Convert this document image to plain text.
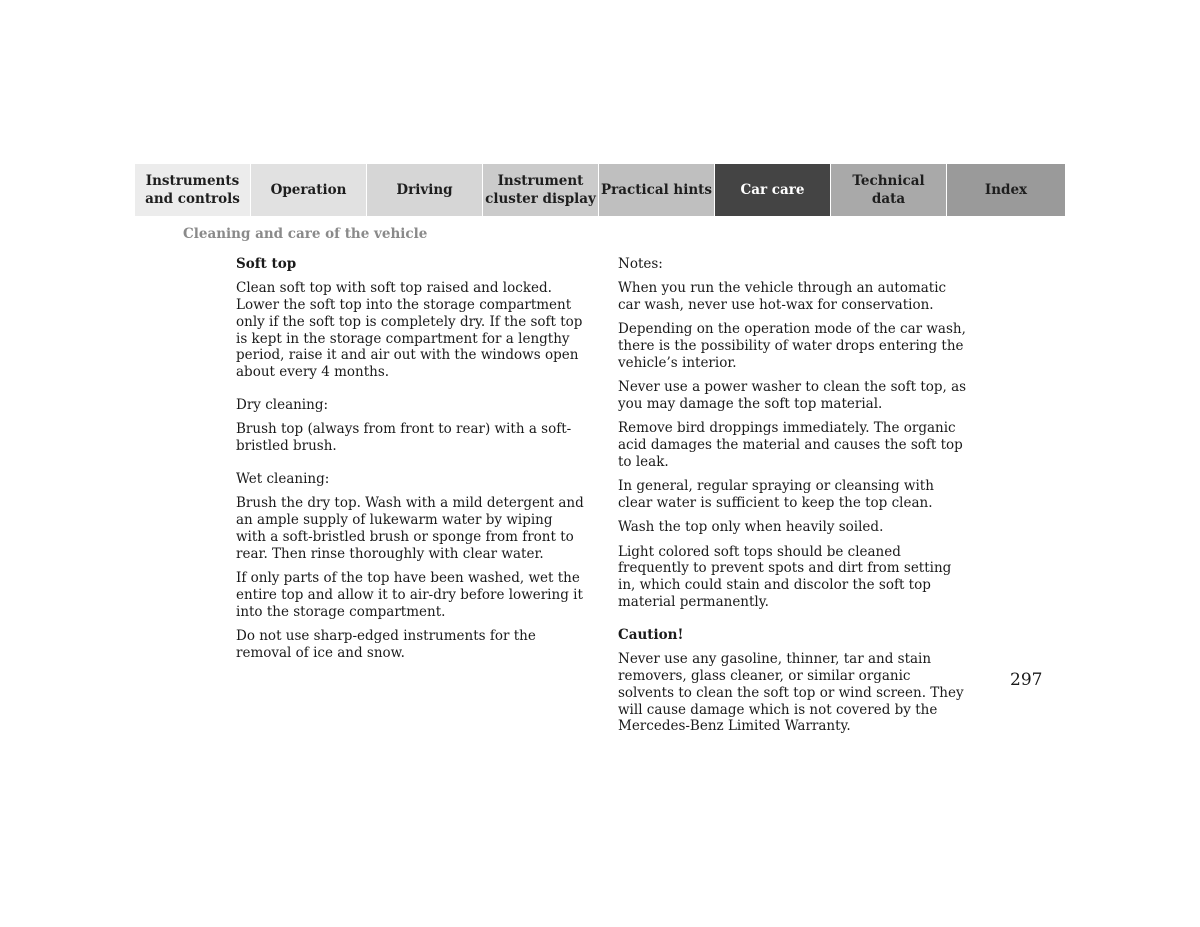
Instruments
and controls
Operation	Driving
Instrument
cluster display
Practical hints	Car care
Technical
data
Index
Cleaning and care of the vehicle
Soft top

Clean soft top with soft top raised and locked. Lower the soft top into the storage compartment only if the soft top is completely dry. If the soft top is kept in the storage compartment for a lengthy period, raise it and air out with the windows open about every 4 months.

Dry cleaning:

Brush top (always from front to rear) with a soft-bristled brush.

Wet cleaning:

Brush the dry top. Wash with a mild detergent and an ample supply of lukewarm water by wiping with a soft-bristled brush or sponge from front to rear. Then rinse thoroughly with clear water.

If only parts of the top have been washed, wet the entire top and allow it to air-dry before lowering it into the storage compartment.

Do not use sharp-edged instruments for the removal of ice and snow.

Notes:

When you run the vehicle through an automatic car wash, never use hot-wax for conservation.

Depending on the operation mode of the car wash, there is the possibility of water drops entering the vehicle’s interior.

Never use a power washer to clean the soft top, as you may damage the soft top material.

Remove bird droppings immediately. The organic acid damages the material and causes the soft top to leak.

In general, regular spraying or cleansing with clear water is sufficient to keep the top clean.

Wash the top only when heavily soiled.

Light colored soft tops should be cleaned frequently to prevent spots and dirt from setting in, which could stain and discolor the soft top material permanently.

Caution!

Never use any gasoline, thinner, tar and stain removers, glass cleaner, or similar organic solvents to clean the soft top or wind screen. They will cause damage which is not covered by the Mercedes-Benz Limited Warranty.

297
